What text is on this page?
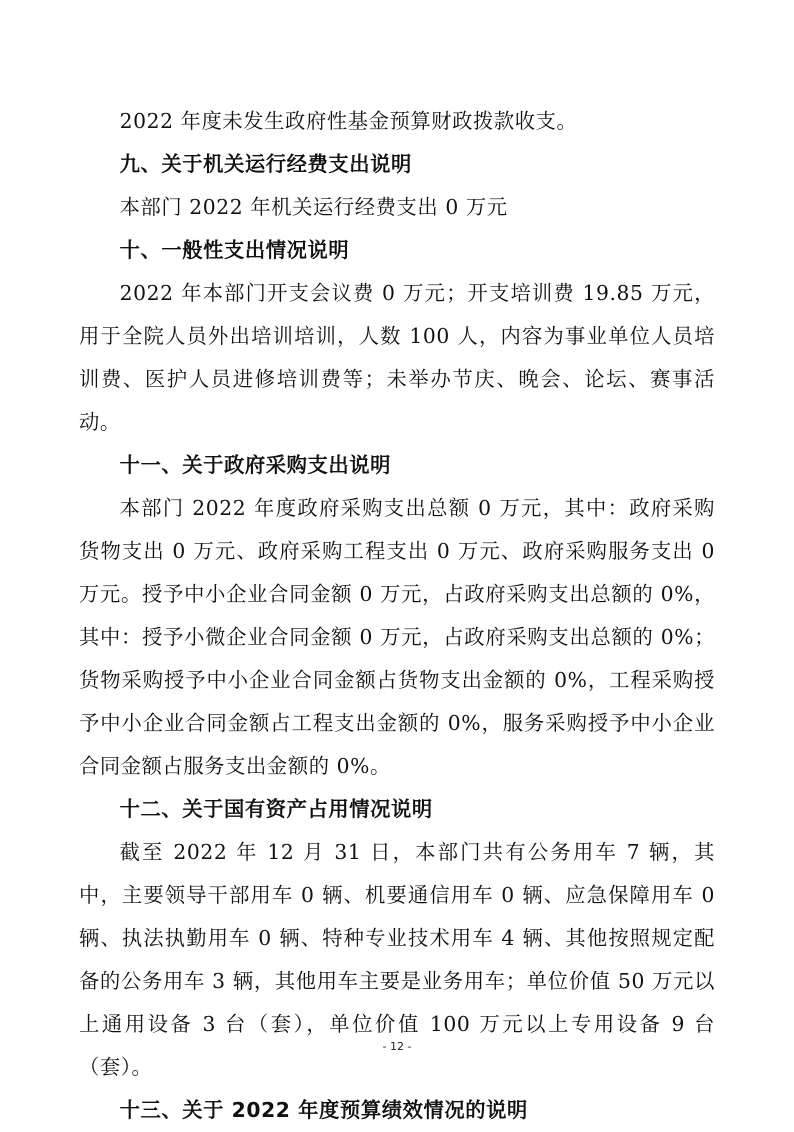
2022 年度未发生政府性基金预算财政拨款收支。

九、关于机关运行经费支出说明

本部门 2022 年机关运行经费支出 0 万元

十、一般性支出情况说明

2022 年本部门开支会议费 0 万元；开支培训费 19.85 万元，用于全院人员外出培训培训，人数 100 人，内容为事业单位人员培训费、医护人员进修培训费等；未举办节庆、晚会、论坛、赛事活动。

十一、关于政府采购支出说明

本部门 2022 年度政府采购支出总额 0 万元，其中：政府采购货物支出 0 万元、政府采购工程支出 0 万元、政府采购服务支出 0 万元。授予中小企业合同金额 0 万元，占政府采购支出总额的 0%，其中：授予小微企业合同金额 0 万元，占政府采购支出总额的 0%；货物采购授予中小企业合同金额占货物支出金额的 0%，工程采购授予中小企业合同金额占工程支出金额的 0%，服务采购授予中小企业合同金额占服务支出金额的 0%。

十二、关于国有资产占用情况说明

截至 2022 年 12 月 31 日，本部门共有公务用车 7 辆，其中，主要领导干部用车 0 辆、机要通信用车 0 辆、应急保障用车 0 辆、执法执勤用车 0 辆、特种专业技术用车 4 辆、其他按照规定配备的公务用车 3 辆，其他用车主要是业务用车；单位价值 50 万元以上通用设备 3 台（套），单位价值 100 万元以上专用设备 9 台（套）。

十三、关于 2022 年度预算绩效情况的说明

- 12 -
